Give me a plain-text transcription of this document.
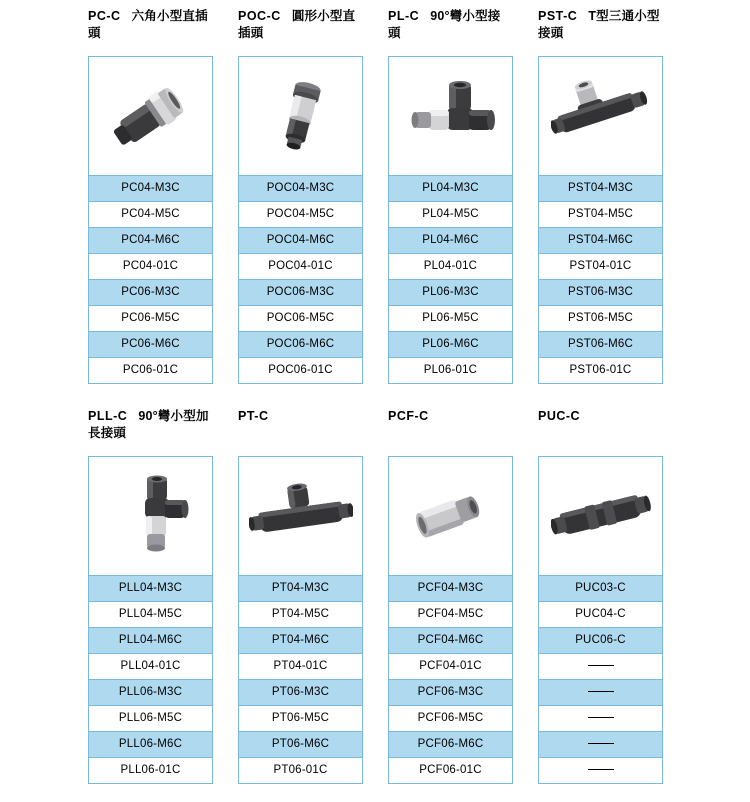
PC-C 六角小型直插頭
PC04-M3C
PC04-M5C
PC04-M6C
PC04-01C
PC06-M3C
PC06-M5C
PC06-M6C
PC06-01C
POC-C 圓形小型直插頭
POC04-M3C
POC04-M5C
POC04-M6C
POC04-01C
POC06-M3C
POC06-M5C
POC06-M6C
POC06-01C
PL-C 90°彎小型接頭
PL04-M3C
PL04-M5C
PL04-M6C
PL04-01C
PL06-M3C
PL06-M5C
PL06-M6C
PL06-01C
PST-C T型三通小型接頭
PST04-M3C
PST04-M5C
PST04-M6C
PST04-01C
PST06-M3C
PST06-M5C
PST06-M6C
PST06-01C
PLL-C 90°彎小型加長接頭
PLL04-M3C
PLL04-M5C
PLL04-M6C
PLL04-01C
PLL06-M3C
PLL06-M5C
PLL06-M6C
PLL06-01C
PT-C
PT04-M3C
PT04-M5C
PT04-M6C
PT04-01C
PT06-M3C
PT06-M5C
PT06-M6C
PT06-01C
PCF-C
PCF04-M3C
PCF04-M5C
PCF04-M6C
PCF04-01C
PCF06-M3C
PCF06-M5C
PCF06-M6C
PCF06-01C
PUC-C
PUC03-C
PUC04-C
PUC06-C
